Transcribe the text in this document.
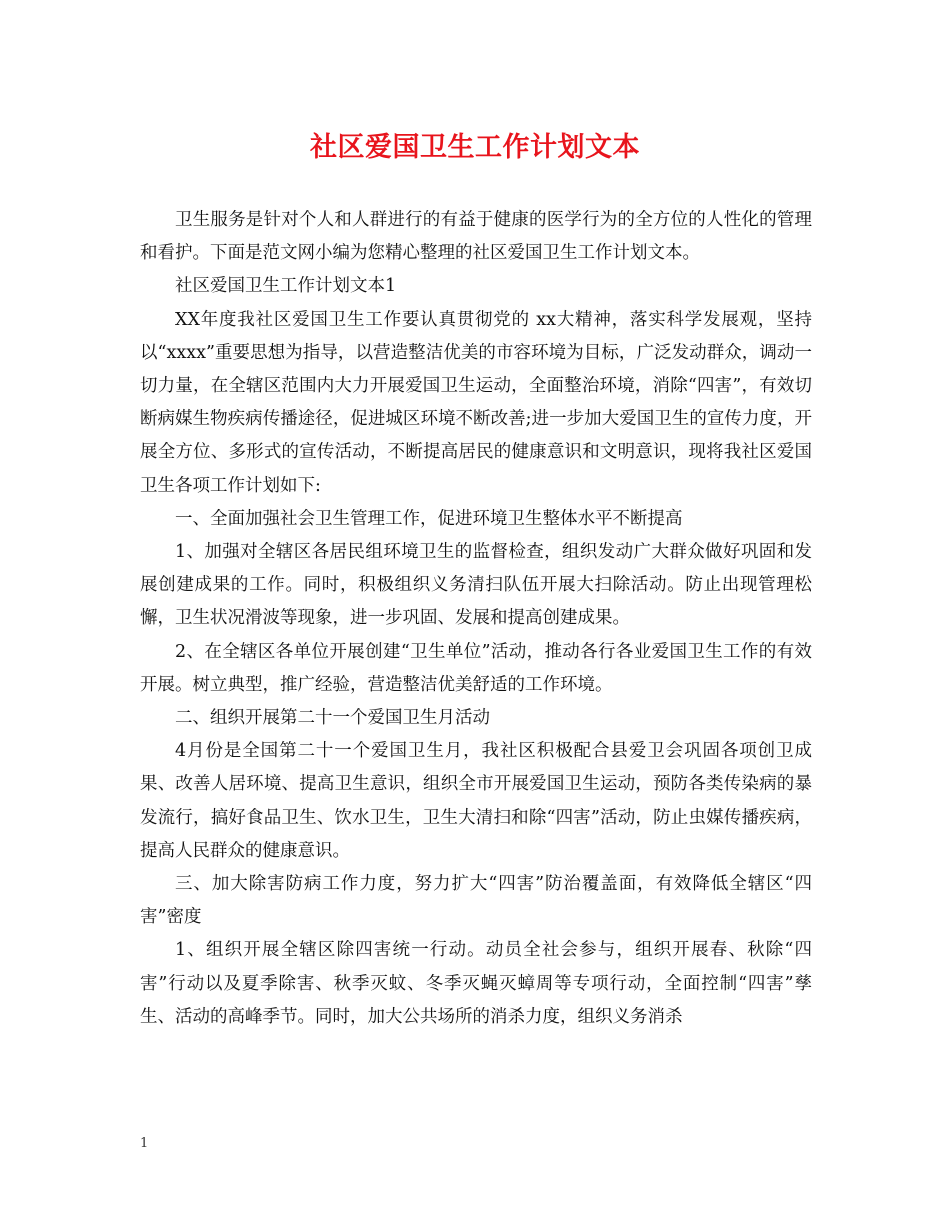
社区爱国卫生工作计划文本

卫生服务是针对个人和人群进行的有益于健康的医学行为的全方位的人性化的管理和看护。下面是范文网小编为您精心整理的社区爱国卫生工作计划文本。

社区爱国卫生工作计划文本1

XX年度我社区爱国卫生工作要认真贯彻党的 xx大精神，落实科学发展观，坚持以“xxxx”重要思想为指导，以营造整洁优美的市容环境为目标，广泛发动群众，调动一切力量，在全辖区范围内大力开展爱国卫生运动，全面整治环境，消除“四害”，有效切断病媒生物疾病传播途径，促进城区环境不断改善;进一步加大爱国卫生的宣传力度，开展全方位、多形式的宣传活动，不断提高居民的健康意识和文明意识，现将我社区爱国卫生各项工作计划如下:

一、全面加强社会卫生管理工作，促进环境卫生整体水平不断提高

1、加强对全辖区各居民组环境卫生的监督检查，组织发动广大群众做好巩固和发展创建成果的工作。同时，积极组织义务清扫队伍开展大扫除活动。防止出现管理松懈，卫生状况滑波等现象，进一步巩固、发展和提高创建成果。

2、在全辖区各单位开展创建“卫生单位”活动，推动各行各业爱国卫生工作的有效开展。树立典型，推广经验，营造整洁优美舒适的工作环境。

二、组织开展第二十一个爱国卫生月活动

4月份是全国第二十一个爱国卫生月，我社区积极配合县爱卫会巩固各项创卫成果、改善人居环境、提高卫生意识，组织全市开展爱国卫生运动，预防各类传染病的暴发流行，搞好食品卫生、饮水卫生，卫生大清扫和除“四害”活动，防止虫媒传播疾病，提高人民群众的健康意识。

三、加大除害防病工作力度，努力扩大“四害”防治覆盖面，有效降低全辖区“四害”密度

1、组织开展全辖区除四害统一行动。动员全社会参与，组织开展春、秋除“四害”行动以及夏季除害、秋季灭蚊、冬季灭蝇灭蟑周等专项行动，全面控制“四害”孳生、活动的高峰季节。同时，加大公共场所的消杀力度，组织义务消杀

1
